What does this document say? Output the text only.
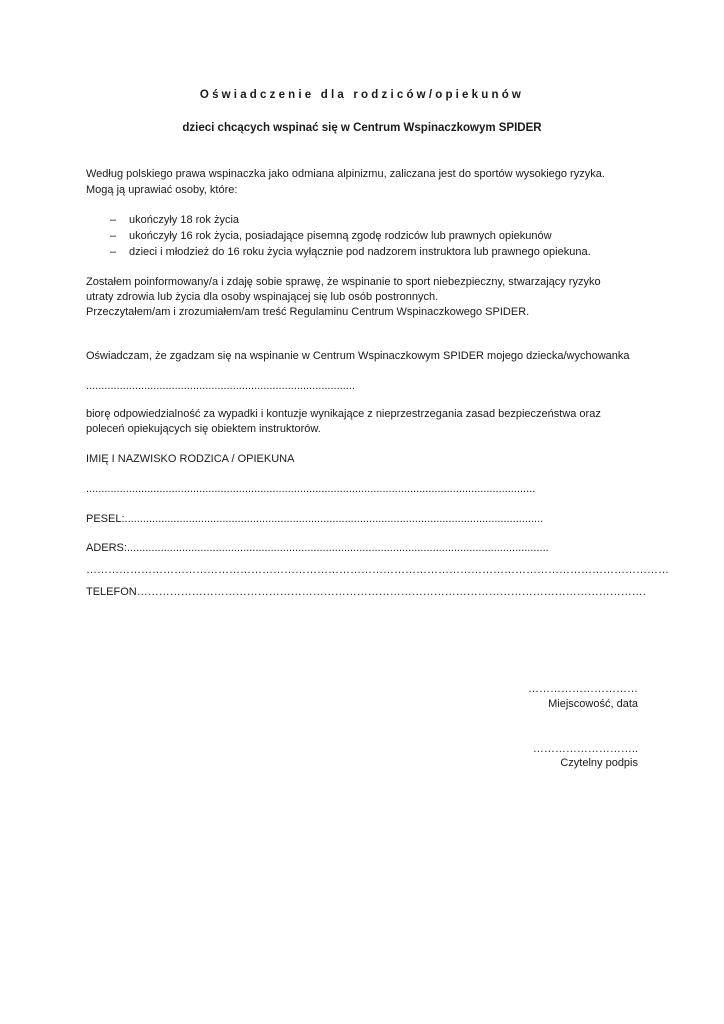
Oświadczenie dla rodziców/opiekunów
dzieci chcących wspinać się w Centrum Wspinaczkowym SPIDER
Według polskiego prawa wspinaczka jako odmiana alpinizmu, zaliczana jest do sportów wysokiego ryzyka.
Mogą ją uprawiać osoby, które:
– ukończyły 18 rok życia
– ukończyły 16 rok życia, posiadające pisemną zgodę rodziców lub prawnych opiekunów
– dzieci i młodzież do 16 roku życia wyłącznie pod nadzorem instruktora lub prawnego opiekuna.
Zostałem poinformowany/a i zdaję sobie sprawę, że wspinanie to sport niebezpieczny, stwarzający ryzyko
utraty zdrowia lub życia dla osoby wspinającej się lub osób postronnych.
Przeczytałem/am i zrozumiałem/am treść Regulaminu Centrum Wspinaczkowego SPIDER.
Oświadczam, że zgadzam się na wspinanie w Centrum Wspinaczkowym SPIDER mojego dziecka/wychowanka
........................................................................................
biorę odpowiedzialność za wypadki i kontuzje wynikające z nieprzestrzegania zasad bezpieczeństwa oraz
poleceń opiekujących się obiektem instruktorów.
IMIĘ I NAZWISKO RODZICA / OPIEKUNA
...................................................................................................................................................
PESEL:.........................................................................................................................................
ADERS:..........................................................................................................................................
……………………………………………………………………………………………………………………………………………
TELEFON………………………………………………………………………………………………………………………….
…………………………
Miejscowość, data
………………………..
Czytelny podpis
